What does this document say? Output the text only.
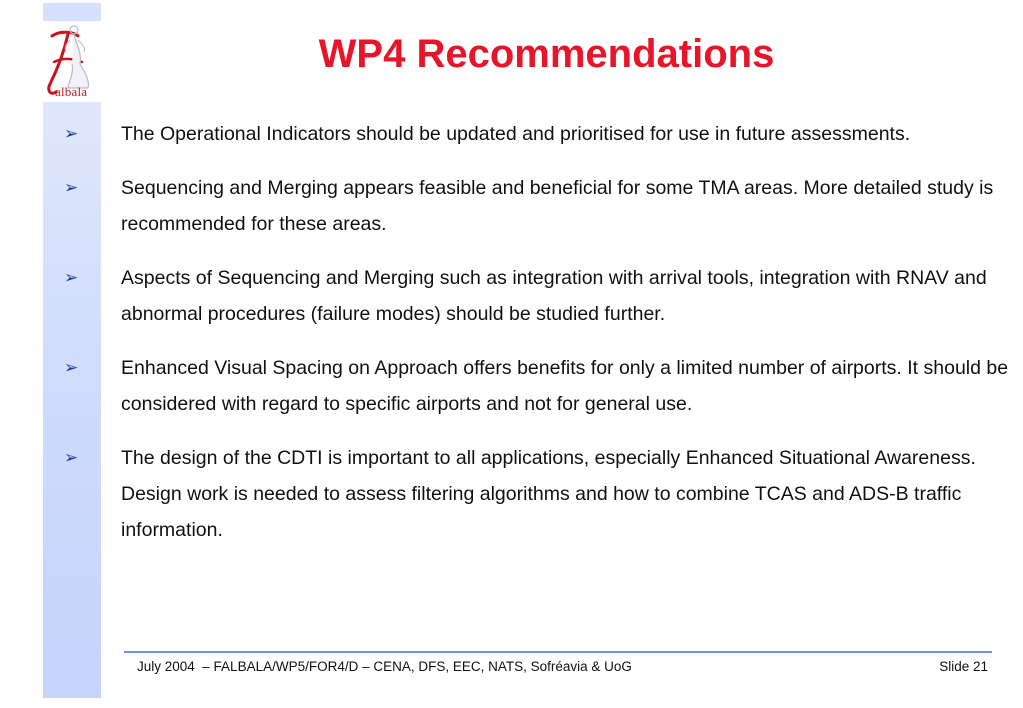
albala
WP4 Recommendations
➢ The Operational Indicators should be updated and prioritised for use in future assessments.
➢ Sequencing and Merging appears feasible and beneficial for some TMA areas. More detailed study is recommended for these areas.
➢ Aspects of Sequencing and Merging such as integration with arrival tools, integration with RNAV and abnormal procedures (failure modes) should be studied further.
➢ Enhanced Visual Spacing on Approach offers benefits for only a limited number of airports. It should be considered with regard to specific airports and not for general use.
➢ The design of the CDTI is important to all applications, especially Enhanced Situational Awareness. Design work is needed to assess filtering algorithms and how to combine TCAS and ADS-B traffic information.
July 2004  – FALBALA/WP5/FOR4/D – CENA, DFS, EEC, NATS, Sofréavia & UoG	Slide 21
